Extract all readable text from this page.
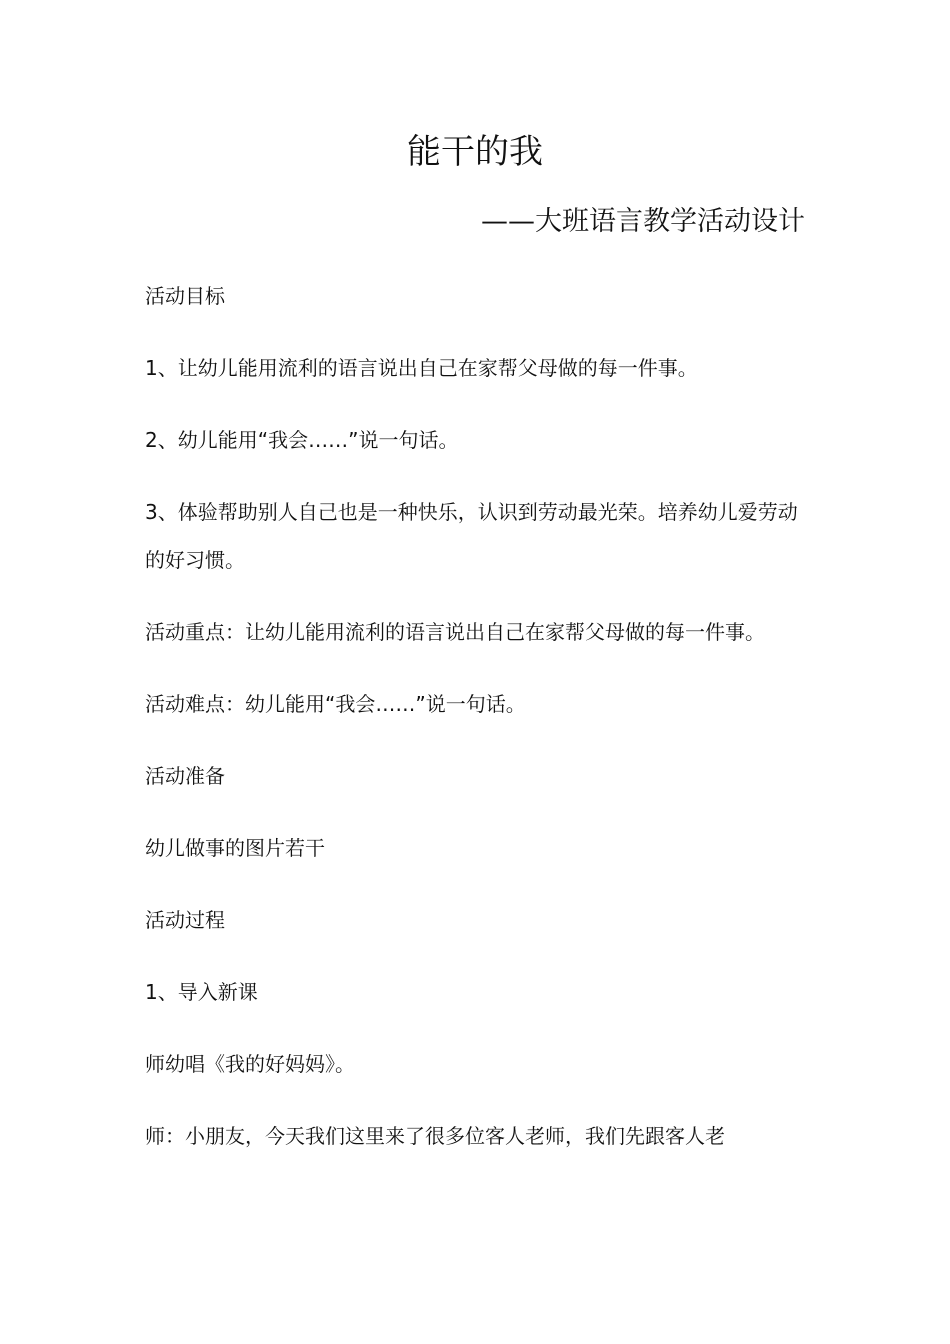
能干的我
——大班语言教学活动设计

活动目标

1、让幼儿能用流利的语言说出自己在家帮父母做的每一件事。

2、幼儿能用“我会……”说一句话。

3、体验帮助别人自己也是一种快乐，认识到劳动最光荣。培养幼儿爱劳动的好习惯。

活动重点：让幼儿能用流利的语言说出自己在家帮父母做的每一件事。

活动难点：幼儿能用“我会……”说一句话。

活动准备

幼儿做事的图片若干

活动过程

1、导入新课

师幼唱《我的好妈妈》。

师：小朋友，今天我们这里来了很多位客人老师，我们先跟客人老
